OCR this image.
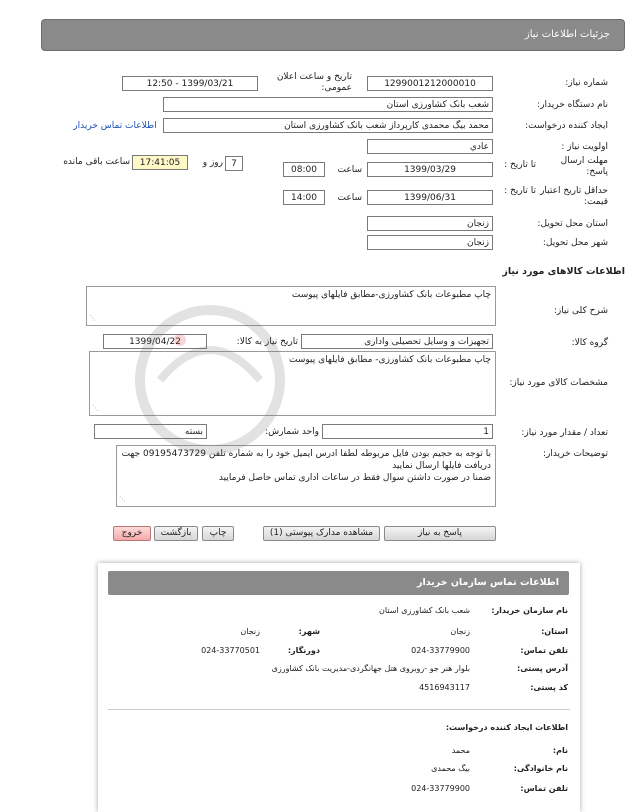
جزئیات اطلاعات نیاز
شماره نیاز:
1299001212000010
تاریخ و ساعت اعلان عمومی:
1399/03/21 - 12:50
نام دستگاه خریدار:
شعب بانک کشاورزی استان
ایجاد کننده درخواست:
محمد بیگ محمدی کارپرداز شعب بانک کشاورزی استان
اطلاعات تماس خریدار
اولویت نیاز :
عادي
مهلت ارسال پاسخ:
تا تاریخ :
1399/03/29
ساعت
08:00
7
روز و
17:41:05
ساعت باقی مانده
حداقل تاریخ اعتبار قیمت:
تا تاریخ :
1399/06/31
ساعت
14:00
استان محل تحویل:
زنجان
شهر محل تحویل:
زنجان
اطلاعات کالاهای مورد نیاز
شرح کلی نیاز:
چاپ مطبوعات بانک کشاورزی-مطابق فایلهای پیوست
⋰
گروه کالا:
تجهیزات و وسایل تحصیلی واداری
تاریخ نیاز به کالا:
1399/04/22
مشخصات کالای مورد نیاز:
چاپ مطبوعات بانک کشاورزی- مطابق فایلهای پیوست
⋰
تعداد / مقدار مورد نیاز:
1
واحد شمارش:
بسته
توضیحات خریدار:
با توجه به حجیم بودن فایل مربوطه لطفا ادرس ایمیل خود را به شماره تلفن 09195473729 جهت دریافت فایلها ارسال نمایید
ضمنا در صورت داشتن سوال فقط در ساعات اداری تماس حاصل فرمایید
⋰
پاسخ به نیاز
مشاهده مدارک پیوستی (1)
چاپ
بازگشت
خروج
اطلاعات تماس سازمان خریدار
نام سازمان خریدار:
شعب بانک کشاورزی استان
استان:
زنجان
شهر:
زنجان
تلفن تماس:
024-33779900
دورنگار:
024-33770501
آدرس پستی:
بلوار هنر جو -روبروی هتل جهانگردی-مدیریت بانک کشاورزی
کد پستی:
4516943117
اطلاعات ایجاد کننده درخواست:
نام:
محمد
نام خانوادگی:
بیگ محمدی
تلفن تماس:
024-33779900
